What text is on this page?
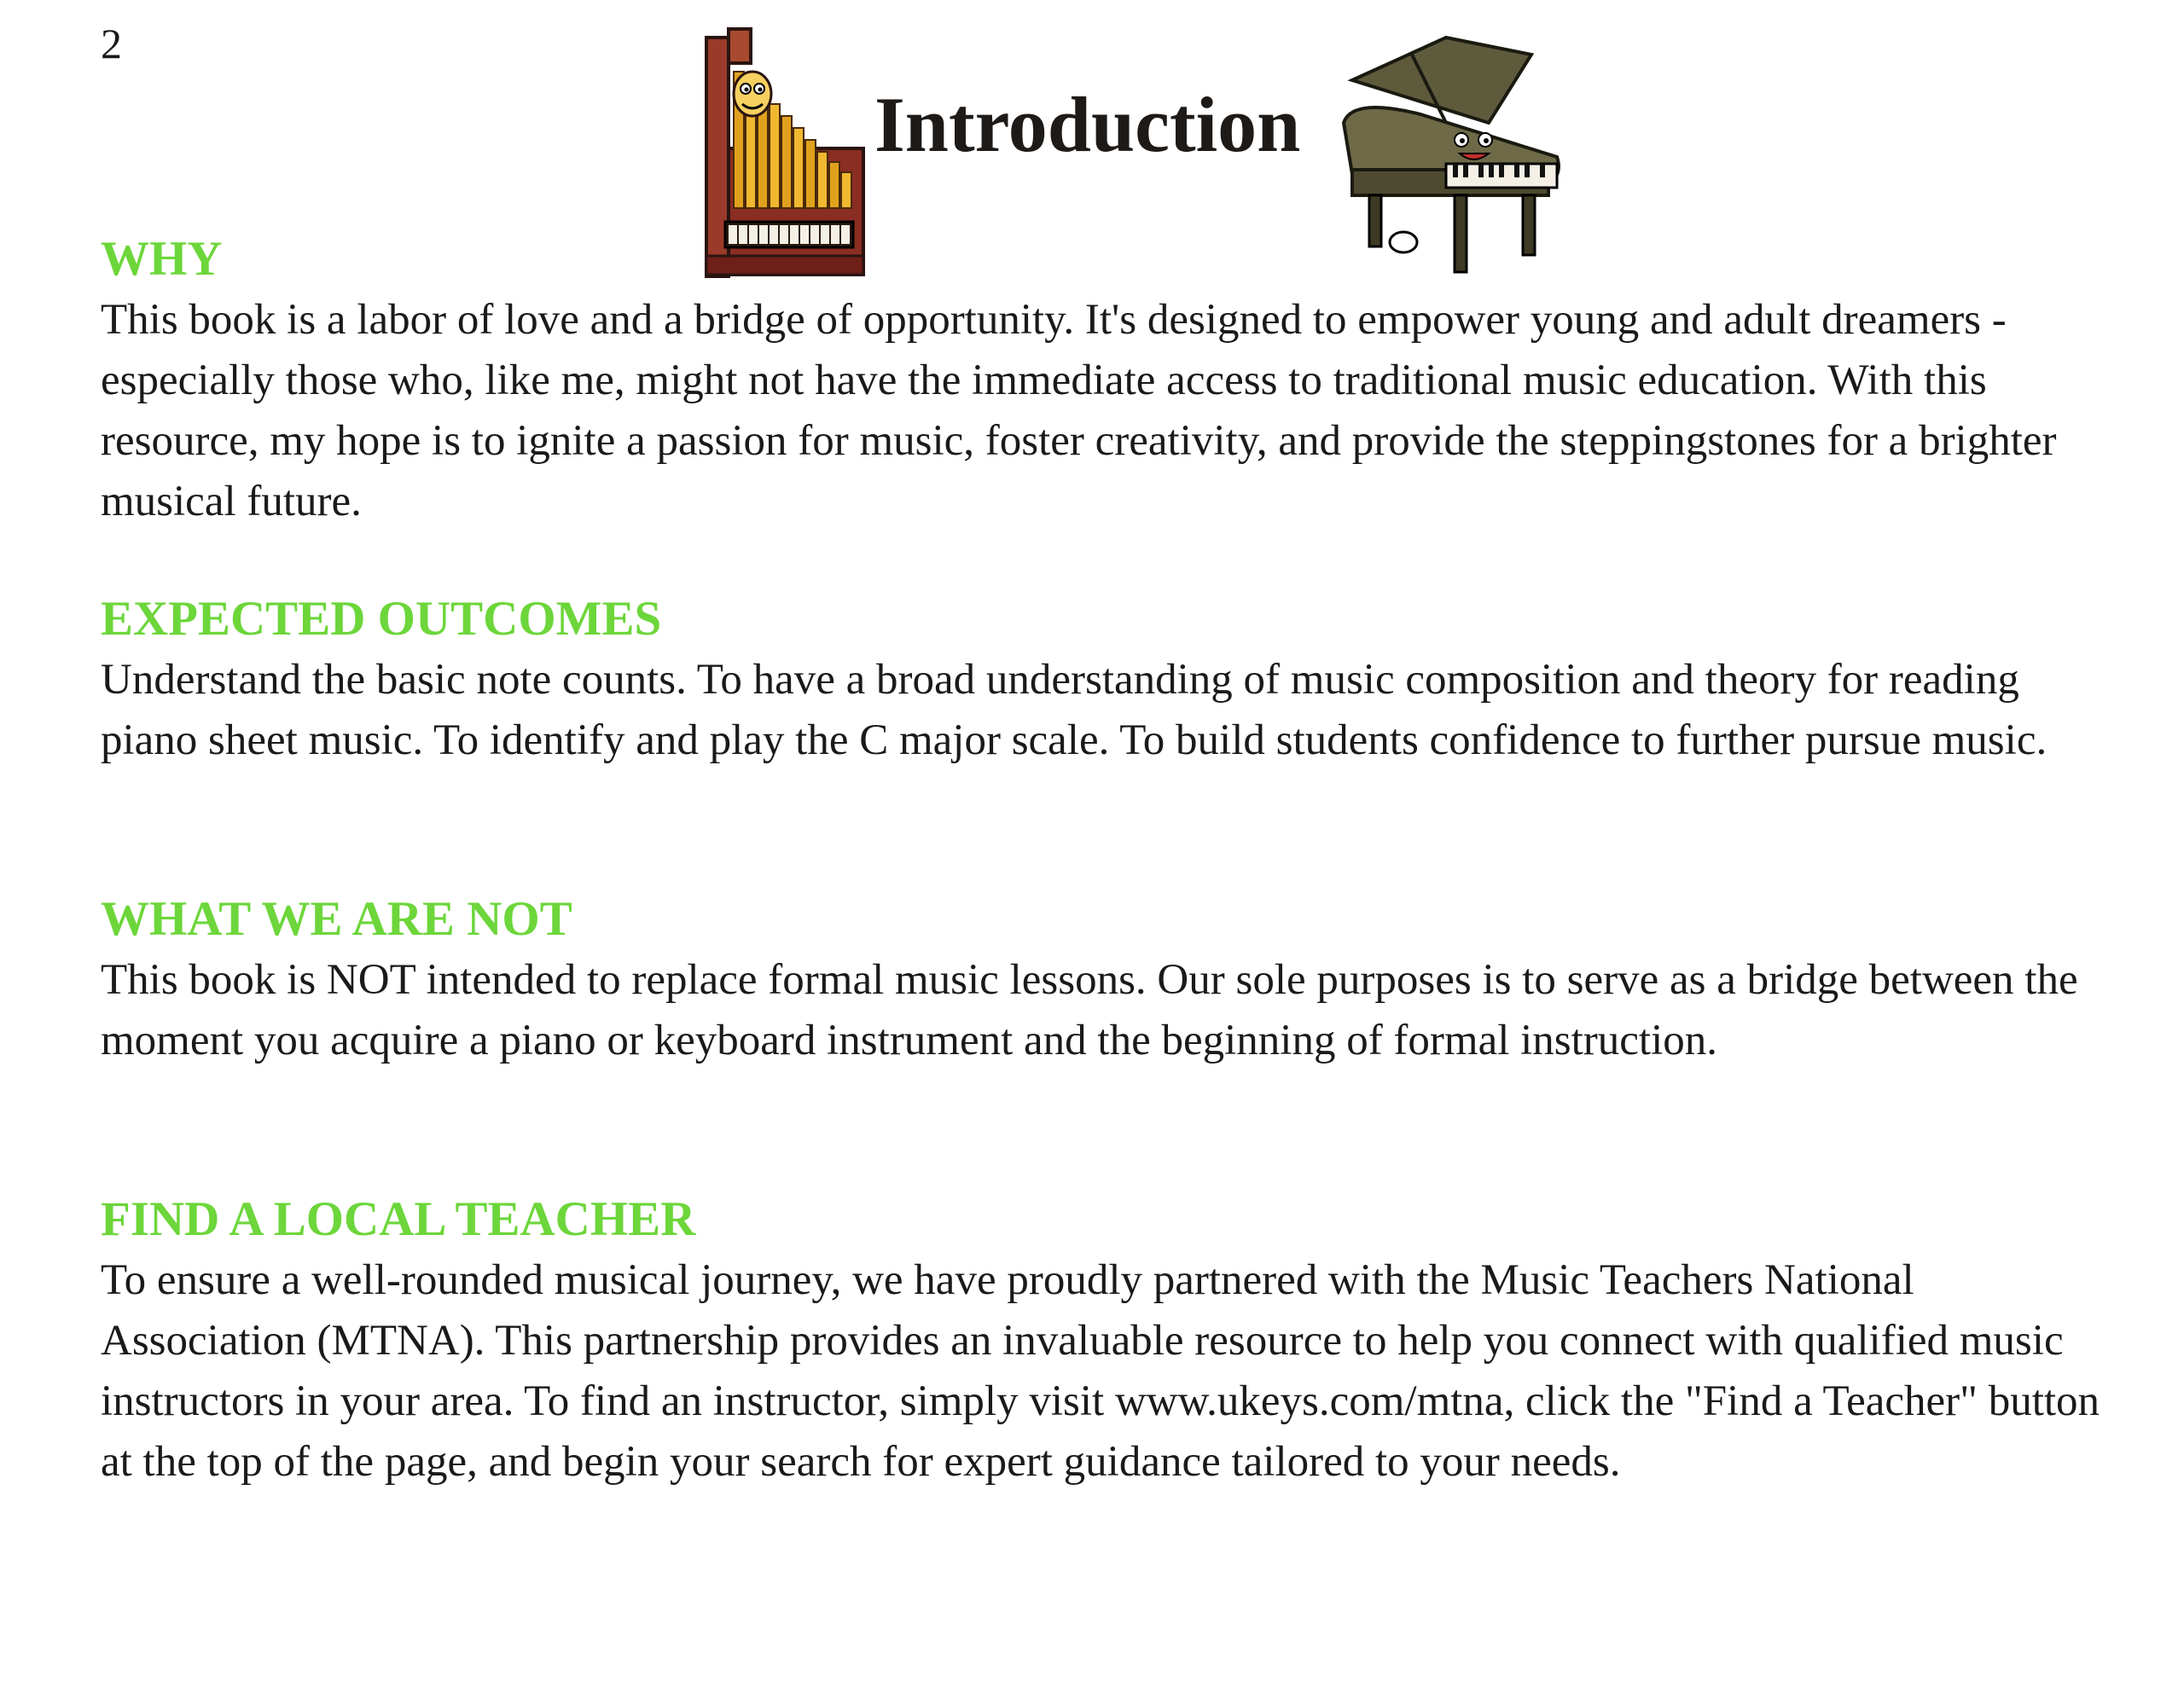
2
Introduction
WHY

This book is a labor of love and a bridge of opportunity. It's designed to empower young and adult dreamers - especially those who, like me, might not have the immediate access to traditional music education. With this resource, my hope is to ignite a passion for music, foster creativity, and provide the steppingstones for a brighter musical future.

EXPECTED OUTCOMES

Understand the basic note counts. To have a broad understanding of music composition and theory for reading piano sheet music. To identify and play the C major scale. To build students confidence to further pursue music.

WHAT WE ARE NOT

This book is NOT intended to replace formal music lessons. Our sole purposes is to serve as a bridge between the moment you acquire a piano or keyboard instrument and the beginning of formal instruction.

FIND A LOCAL TEACHER

To ensure a well-rounded musical journey, we have proudly partnered with the Music Teachers National Association (MTNA). This partnership provides an invaluable resource to help you connect with qualified music instructors in your area. To find an instructor, simply visit www.ukeys.com/mtna, click the "Find a Teacher" button at the top of the page, and begin your search for expert guidance tailored to your needs.
